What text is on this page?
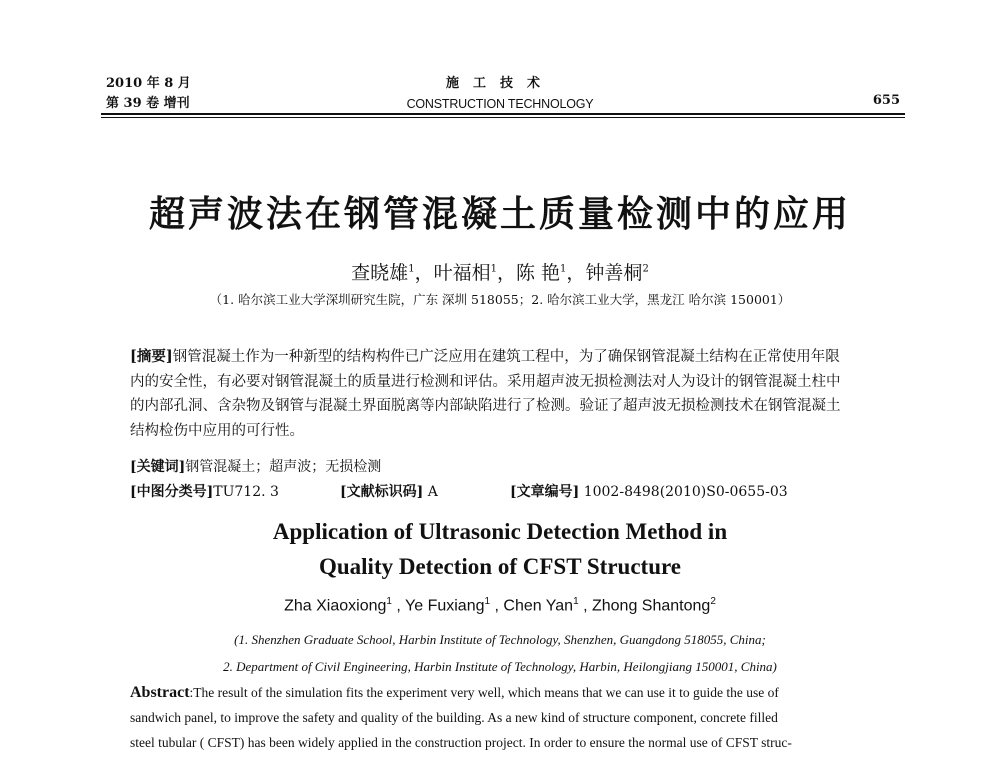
2010 年 8 月
第 39 卷 增刊
施工技术
CONSTRUCTION TECHNOLOGY	655
超声波法在钢管混凝土质量检测中的应用
查晓雄$^1$，叶福相$^1$，陈 艳$^1$，钟善桐$^2$
（1. 哈尔滨工业大学深圳研究生院，广东 深圳 518055；2. 哈尔滨工业大学，黑龙江 哈尔滨 150001）
[摘要]钢管混凝土作为一种新型的结构构件已广泛应用在建筑工程中，为了确保钢管混凝土结构在正常使用年限
内的安全性，有必要对钢管混凝土的质量进行检测和评估。采用超声波无损检测法对人为设计的钢管混凝土柱中
的内部孔洞、含杂物及钢管与混凝土界面脱离等内部缺陷进行了检测。验证了超声波无损检测技术在钢管混凝土
结构检伤中应用的可行性。
[关键词]钢管混凝土；超声波；无损检测
[中图分类号]TU712. 3	[文献标识码] A	[文章编号] 1002-8498(2010)S0-0655-03
Application of Ultrasonic Detection Method in
Quality Detection of CFST Structure
Zha Xiaoxiong$^1$ , Ye Fuxiang$^1$ , Chen Yan$^1$ , Zhong Shantong$^2$
(1. Shenzhen Graduate School, Harbin Institute of Technology, Shenzhen, Guangdong 518055, China;
2. Department of Civil Engineering, Harbin Institute of Technology, Harbin, Heilongjiang 150001, China)
Abstract:The result of the simulation fits the experiment very well, which means that we can use it to guide the use of
sandwich panel, to improve the safety and quality of the building. As a new kind of structure component, concrete filled
steel tubular ( CFST) has been widely applied in the construction project. In order to ensure the normal use of CFST struc-
